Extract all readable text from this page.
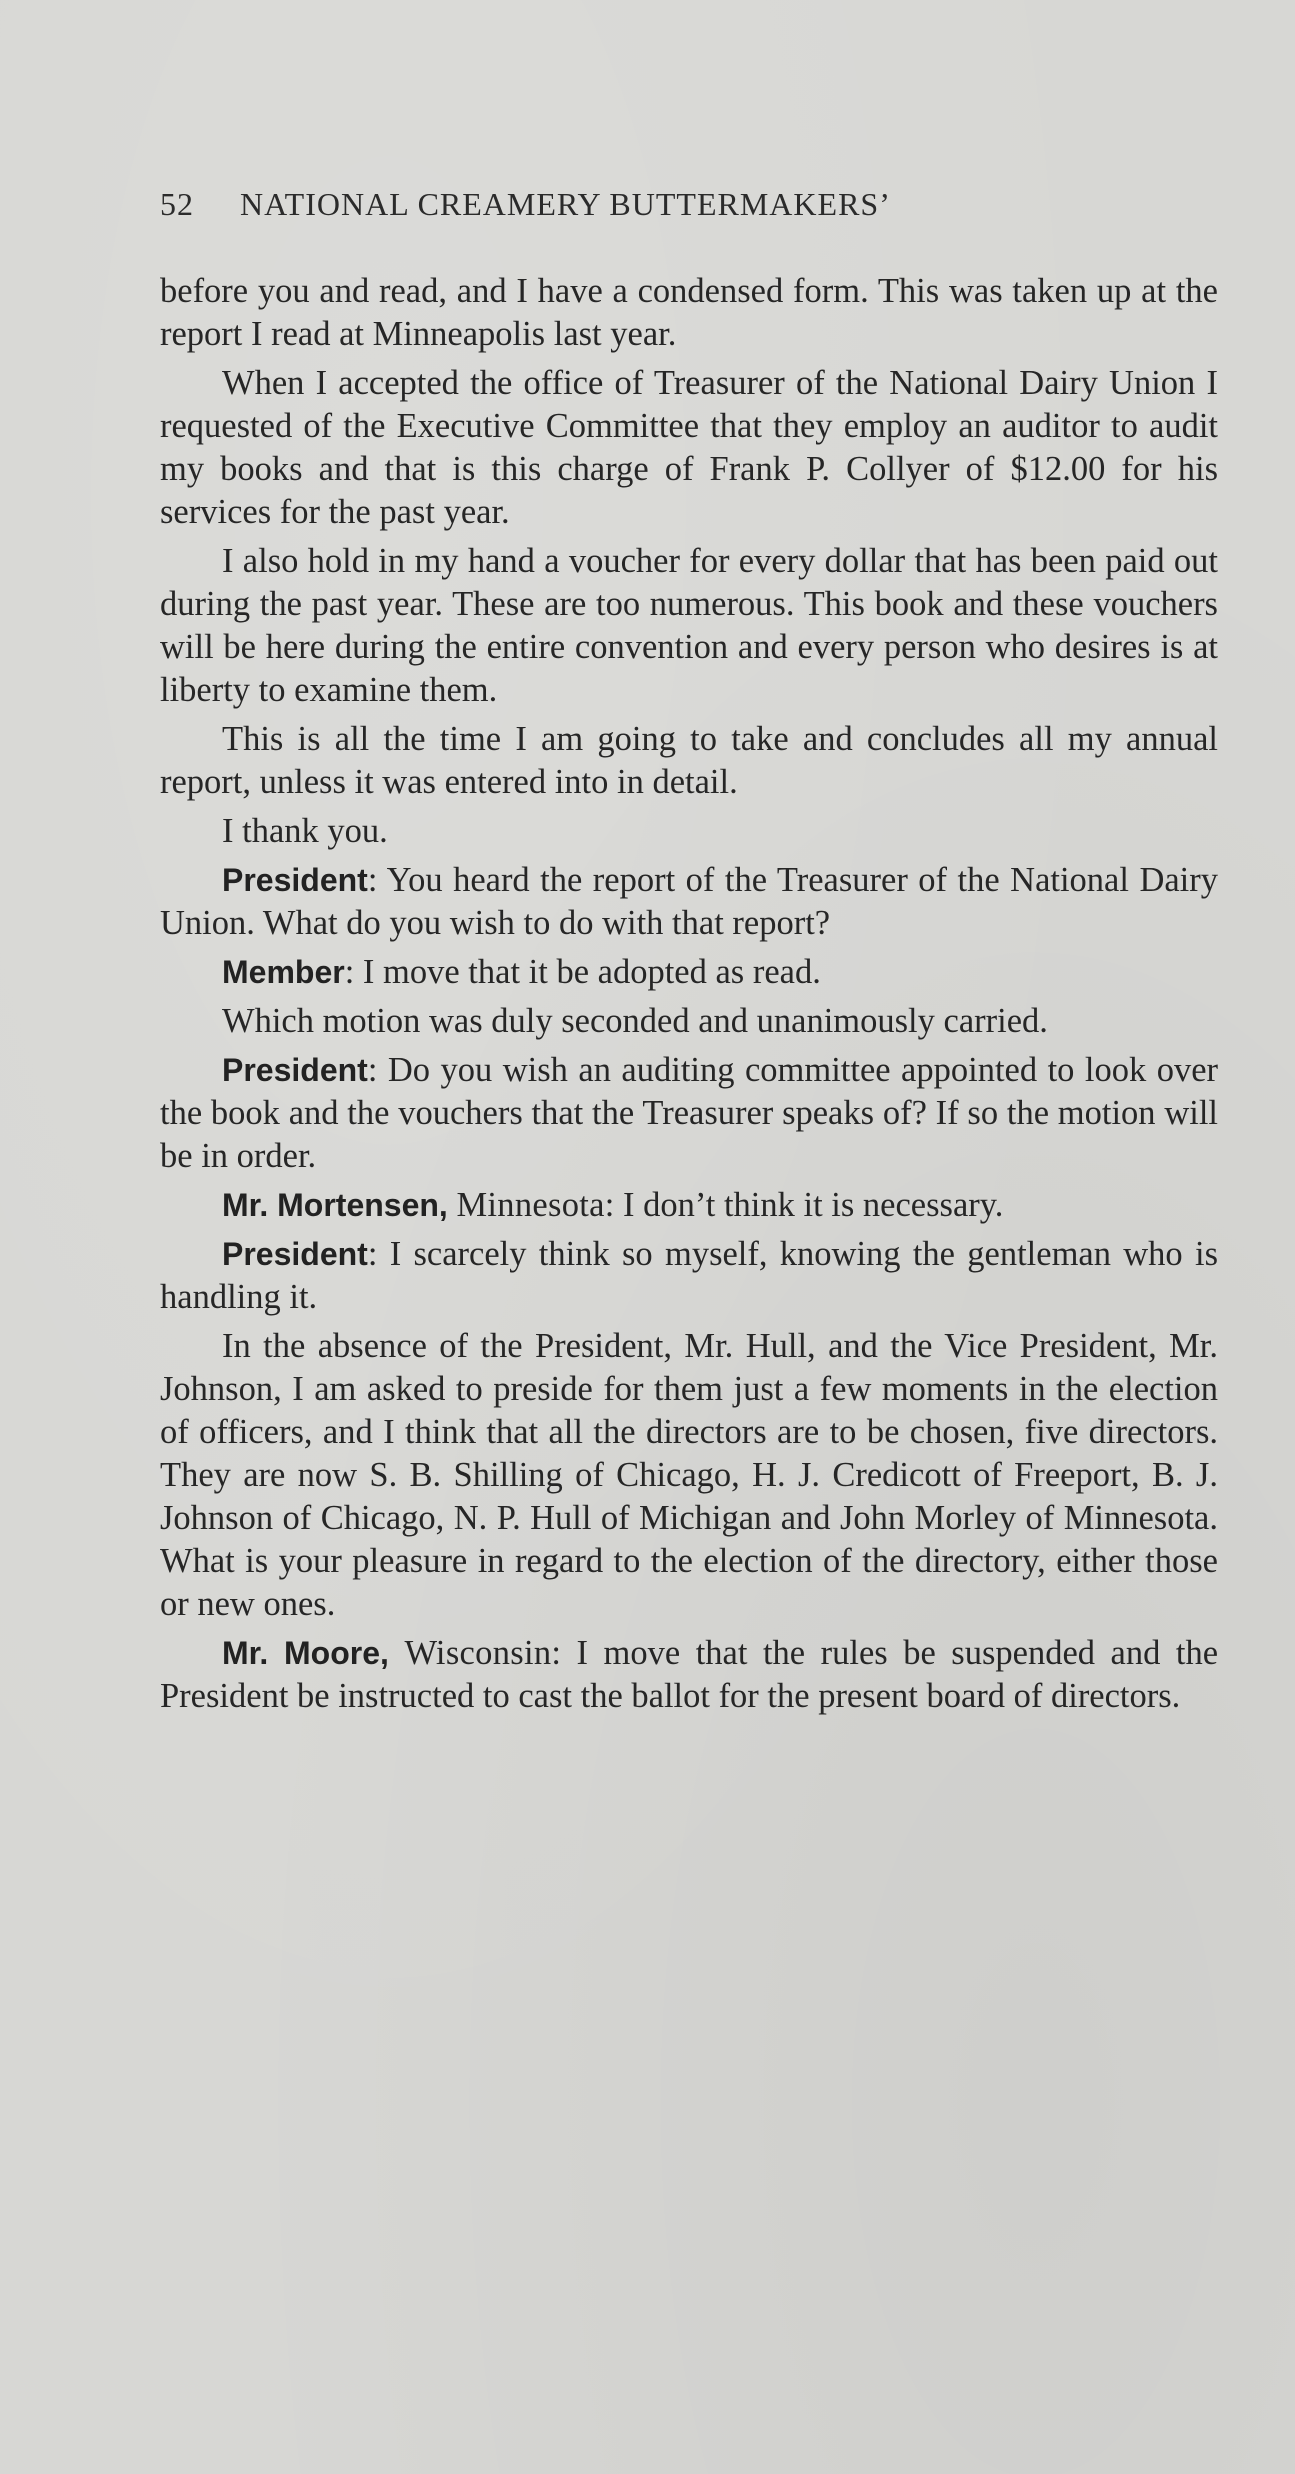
52 NATIONAL CREAMERY BUTTERMAKERS’

before you and read, and I have a condensed form. This was taken up at the report I read at Minneapolis last year.

When I accepted the office of Treasurer of the National Dairy Union I requested of the Executive Committee that they employ an auditor to audit my books and that is this charge of Frank P. Collyer of $12.00 for his services for the past year.

I also hold in my hand a voucher for every dollar that has been paid out during the past year. These are too numerous. This book and these vouchers will be here during the entire convention and every person who desires is at liberty to examine them.

This is all the time I am going to take and concludes all my annual report, unless it was entered into in detail.

I thank you.

President: You heard the report of the Treasurer of the National Dairy Union. What do you wish to do with that report?

Member: I move that it be adopted as read.

Which motion was duly seconded and unanimously carried.

President: Do you wish an auditing committee appointed to look over the book and the vouchers that the Treasurer speaks of? If so the motion will be in order.

Mr. Mortensen, Minnesota: I don’t think it is necessary.

President: I scarcely think so myself, knowing the gentleman who is handling it.

In the absence of the President, Mr. Hull, and the Vice President, Mr. Johnson, I am asked to preside for them just a few moments in the election of officers, and I think that all the directors are to be chosen, five directors. They are now S. B. Shilling of Chicago, H. J. Credicott of Freeport, B. J. Johnson of Chicago, N. P. Hull of Michigan and John Morley of Minnesota. What is your pleasure in regard to the election of the directory, either those or new ones.

Mr. Moore, Wisconsin: I move that the rules be suspended and the President be instructed to cast the ballot for the present board of directors.
